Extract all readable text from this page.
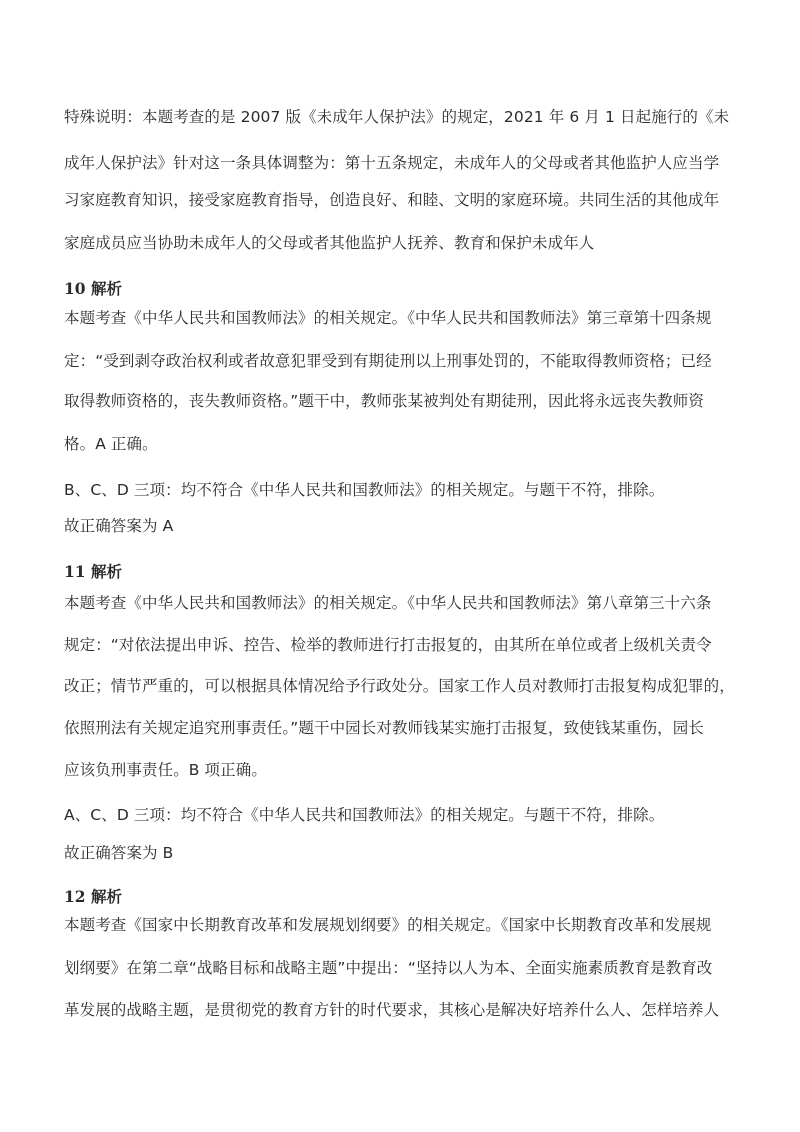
特殊说明：本题考查的是 2007 版《未成年人保护法》的规定，2021 年 6 月 1 日起施行的《未
成年人保护法》针对这一条具体调整为：第十五条规定，未成年人的父母或者其他监护人应当学
习家庭教育知识，接受家庭教育指导，创造良好、和睦、文明的家庭环境。共同生活的其他成年
家庭成员应当协助未成年人的父母或者其他监护人抚养、教育和保护未成年人
10 解析
本题考查《中华人民共和国教师法》的相关规定。《中华人民共和国教师法》第三章第十四条规
定：“受到剥夺政治权利或者故意犯罪受到有期徒刑以上刑事处罚的，不能取得教师资格；已经
取得教师资格的，丧失教师资格。”题干中，教师张某被判处有期徒刑，因此将永远丧失教师资
格。A 正确。
B、C、D 三项：均不符合《中华人民共和国教师法》的相关规定。与题干不符，排除。
故正确答案为 A
11 解析
本题考查《中华人民共和国教师法》的相关规定。《中华人民共和国教师法》第八章第三十六条
规定：“对依法提出申诉、控告、检举的教师进行打击报复的，由其所在单位或者上级机关责令
改正；情节严重的，可以根据具体情况给予行政处分。国家工作人员对教师打击报复构成犯罪的，
依照刑法有关规定追究刑事责任。”题干中园长对教师钱某实施打击报复，致使钱某重伤，园长
应该负刑事责任。B 项正确。
A、C、D 三项：均不符合《中华人民共和国教师法》的相关规定。与题干不符，排除。
故正确答案为 B
12 解析
本题考查《国家中长期教育改革和发展规划纲要》的相关规定。《国家中长期教育改革和发展规
划纲要》在第二章“战略目标和战略主题”中提出：“坚持以人为本、全面实施素质教育是教育改
革发展的战略主题，是贯彻党的教育方针的时代要求，其核心是解决好培养什么人、怎样培养人
